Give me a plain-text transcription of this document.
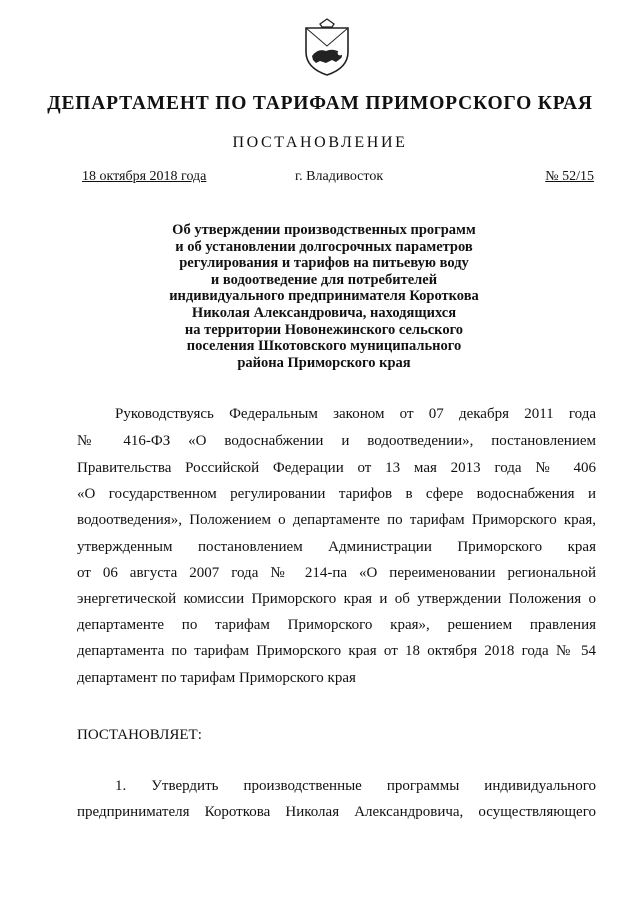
ДЕПАРТАМЕНТ ПО ТАРИФАМ ПРИМОРСКОГО КРАЯ
ПОСТАНОВЛЕНИЕ
18 октября 2018 года	г. Владивосток	№ 52/15
Об утверждении производственных программ
и об установлении долгосрочных параметров
регулирования и тарифов на питьевую воду
и водоотведение для потребителей
индивидуального предпринимателя Короткова
Николая Александровича, находящихся
на территории Новонежинского сельского
поселения Шкотовского муниципального
района Приморского края
Руководствуясь Федеральным законом от 07 декабря 2011 года
№ 416-ФЗ «О водоснабжении и водоотведении», постановлением
Правительства Российской Федерации от 13 мая 2013 года № 406
«О государственном регулировании тарифов в сфере водоснабжения и
водоотведения», Положением о департаменте по тарифам Приморского края,
утвержденным постановлением Администрации Приморского края
от 06 августа 2007 года № 214-па «О переименовании региональной
энергетической комиссии Приморского края и об утверждении Положения о
департаменте по тарифам Приморского края», решением правления
департамента по тарифам Приморского края от 18 октября 2018 года № 54
департамент по тарифам Приморского края
ПОСТАНОВЛЯЕТ:
1. Утвердить производственные программы индивидуального
предпринимателя Короткова Николая Александровича, осуществляющего
